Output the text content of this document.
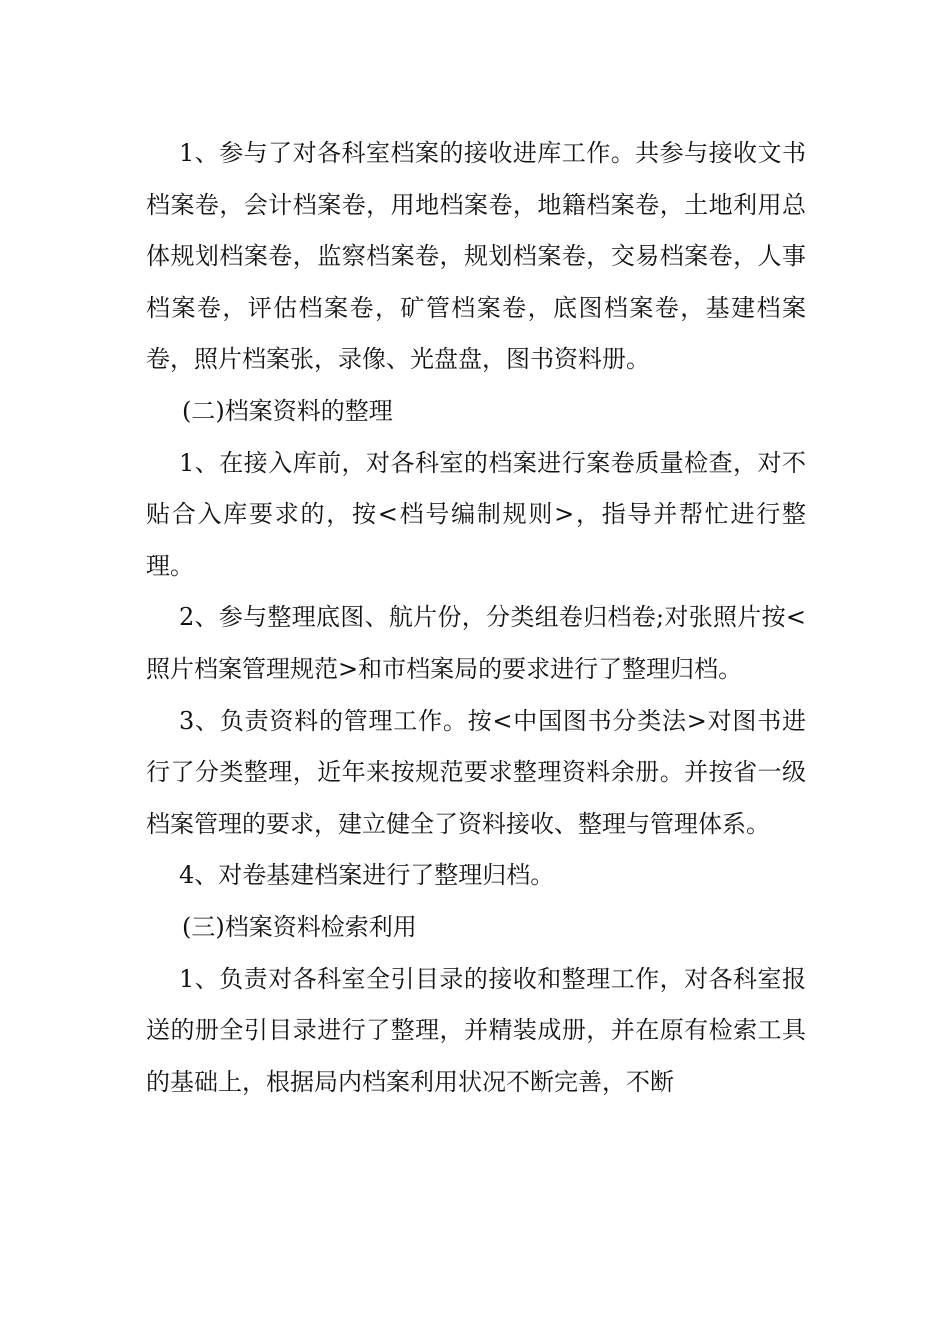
1、参与了对各科室档案的接收进库工作。共参与接收文书档案卷，会计档案卷，用地档案卷，地籍档案卷，土地利用总体规划档案卷，监察档案卷，规划档案卷，交易档案卷，人事档案卷，评估档案卷，矿管档案卷，底图档案卷，基建档案卷，照片档案张，录像、光盘盘，图书资料册。

(二)档案资料的整理

1、在接入库前，对各科室的档案进行案卷质量检查，对不贴合入库要求的，按<档号编制规则>，指导并帮忙进行整理。

2、参与整理底图、航片份，分类组卷归档卷;对张照片按<照片档案管理规范>和市档案局的要求进行了整理归档。

3、负责资料的管理工作。按<中国图书分类法>对图书进行了分类整理，近年来按规范要求整理资料余册。并按省一级档案管理的要求，建立健全了资料接收、整理与管理体系。

4、对卷基建档案进行了整理归档。

(三)档案资料检索利用

1、负责对各科室全引目录的接收和整理工作，对各科室报送的册全引目录进行了整理，并精装成册，并在原有检索工具的基础上，根据局内档案利用状况不断完善，不断
